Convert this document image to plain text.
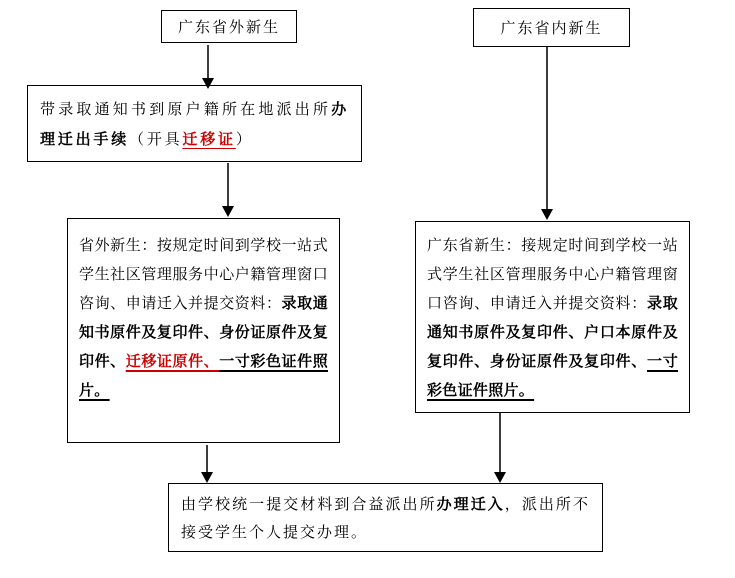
广东省外新生	广东省内新生
带录取通知书到原户籍所在地派出所办理迁出手续（开具迁移证）
省外新生：按规定时间到学校一站式学生社区管理服务中心户籍管理窗口咨询、申请迁入并提交资料：录取通知书原件及复印件、身份证原件及复印件、迁移证原件、一寸彩色证件照片。
广东省新生：接规定时间到学校一站式学生社区管理服务中心户籍管理窗口咨询、申请迁入并提交资料：录取通知书原件及复印件、户口本原件及复印件、身份证原件及复印件、一寸彩色证件照片。
由学校统一提交材料到合益派出所办理迁入，派出所不接受学生个人提交办理。
